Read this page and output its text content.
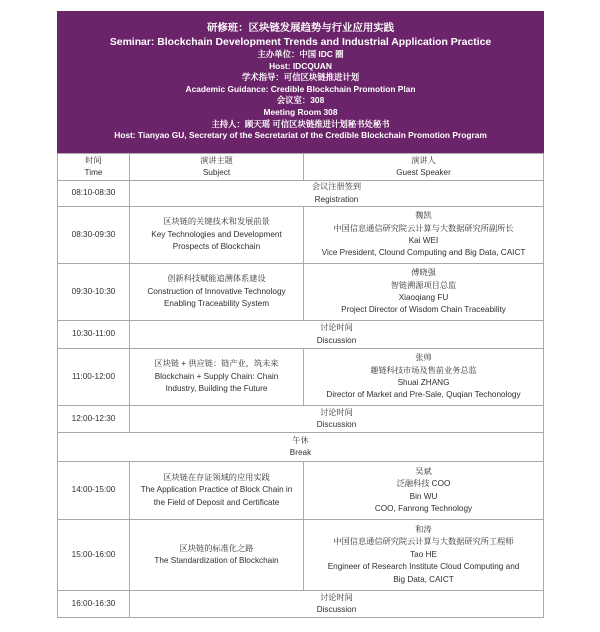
研修班：区块链发展趋势与行业应用实践
Seminar: Blockchain Development Trends and Industrial Application Practice
主办单位：中国 IDC 圈
Host: IDCQUAN
学术指导：可信区块链推进计划
Academic Guidance: Credible Blockchain Promotion Plan
会议室：308
Meeting Room 308
主持人：顾天瑶 可信区块链推进计划秘书处秘书
Host: Tianyao GU, Secretary of the Secretariat of the Credible Blockchain Promotion Program
时间
Time	演讲主题
Subject	演讲人
Guest Speaker

08:10-08:30	会议注册签到
Registration	

08:30-09:30	区块链的关键技术和发展前景
Key Technologies and Development
Prospects of Blockchain	魏凯
中国信息通信研究院云计算与大数据研究所副所长
Kai WEI
Vice President, Clound Computing and Big Data, CAICT

09:30-10:30	创新科技赋能追溯体系建设
Construction of Innovative Technology
Enabling Traceability System	傅晓强
智链溯源项目总监
Xiaoqiang FU
Project Director of Wisdom Chain Traceability

10:30-11:00	讨论时间
Discussion	

11:00-12:00	区块链 + 供应链：链产业，筑未来
Blockchain + Supply Chain: Chain
Industry, Building the Future	张帅
趣链科技市场及售前业务总监
Shuai ZHANG
Director of Market and Pre-Sale, Quqian Techonology

12:00-12:30	讨论时间
Discussion	

午休
Break		

14:00-15:00	区块链在存证领域的应用实践
The Application Practice of Block Chain in
the Field of Deposit and Certificate	吴斌
泛融科技 COO
Bin WU
COO, Fanrong Technology

15:00-16:00	区块链的标准化之路
The Standardization of Blockchain	和涛
中国信息通信研究院云计算与大数据研究所工程师
Tao HE
Engineer of Research Institute Cloud Computing and
Big Data, CAICT

16:00-16:30	讨论时间
Discussion	
